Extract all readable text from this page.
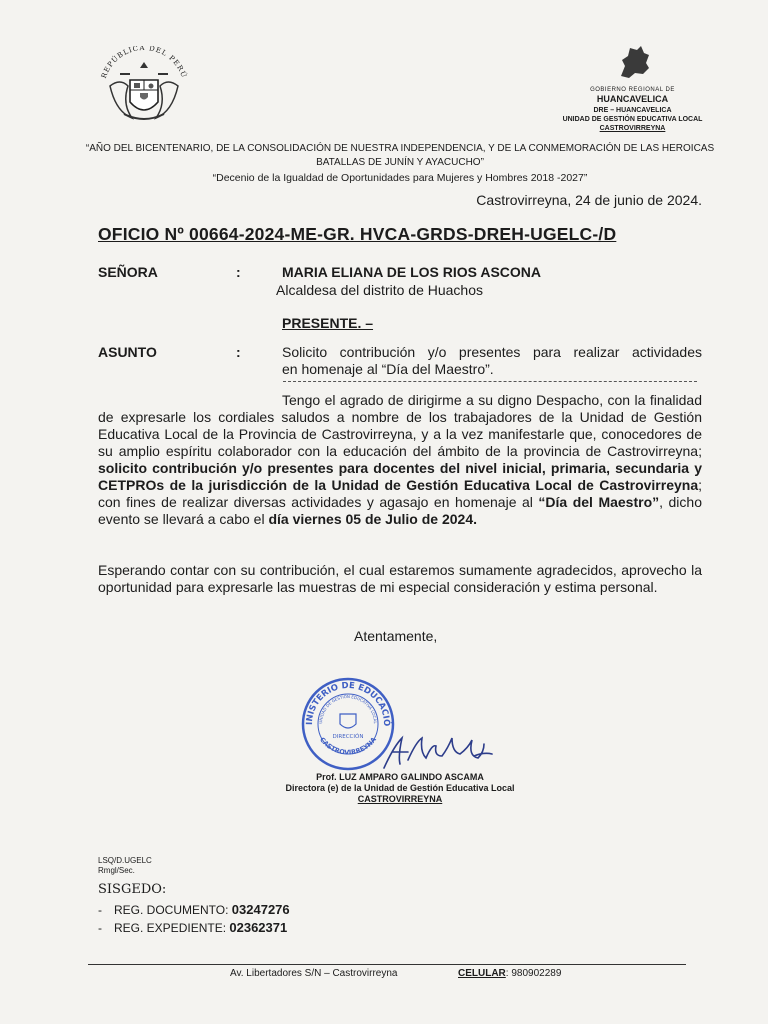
REPÚBLICA DEL PERÚ
GOBIERNO REGIONAL DE
HUANCAVELICA
DRE – HUANCAVELICA
UNIDAD DE GESTIÓN EDUCATIVA LOCAL
CASTROVIRREYNA
“AÑO DEL BICENTENARIO, DE LA CONSOLIDACIÓN DE NUESTRA INDEPENDENCIA, Y DE LA CONMEMORACIÓN DE LAS HEROICAS BATALLAS DE JUNÍN Y AYACUCHO”
“Decenio de la Igualdad de Oportunidades para Mujeres y Hombres 2018 -2027”
Castrovirreyna, 24 de junio de 2024.
OFICIO Nº 00664-2024-ME-GR. HVCA-GRDS-DREH-UGELC-/D
SEÑORA	:	MARIA ELIANA DE LOS RIOS ASCONA
Alcaldesa del distrito de Huachos
PRESENTE. –
ASUNTO	:	Solicito contribución y/o presentes para realizar actividades
en homenaje al “Día del Maestro”.
Tengo el agrado de dirigirme a su digno Despacho, con la finalidad de expresarle los cordiales saludos a nombre de los trabajadores de la Unidad de Gestión Educativa Local de la Provincia de Castrovirreyna, y a la vez manifestarle que, conocedores de su amplio espíritu colaborador con la educación del ámbito de la provincia de Castrovirreyna; solicito contribución y/o presentes para docentes del nivel inicial, primaria, secundaria y CETPROs de la jurisdicción de la Unidad de Gestión Educativa Local de Castrovirreyna; con fines de realizar diversas actividades y agasajo en homenaje al “Día del Maestro”, dicho evento se llevará a cabo el día viernes 05 de Julio de 2024.
Esperando contar con su contribución, el cual estaremos sumamente agradecidos, aprovecho la oportunidad para expresarle las muestras de mi especial consideración y estima personal.
Atentamente,
INISTERIO DE EDUCACIÓ
UNIDAD DE GESTIÓN EDUCATIVA LOCAL
DIRECCIÓN
CASTROVIRREYNA
Prof. LUZ AMPARO GALINDO ASCAMA
Directora (e) de la Unidad de Gestión Educativa Local
CASTROVIRREYNA
LSQ/D.UGELC
Rmgl/Sec.
SISGEDO:
- REG. DOCUMENTO: 03247276
- REG. EXPEDIENTE: 02362371
Av. Libertadores S/N – Castrovirreyna	CELULAR: 980902289
